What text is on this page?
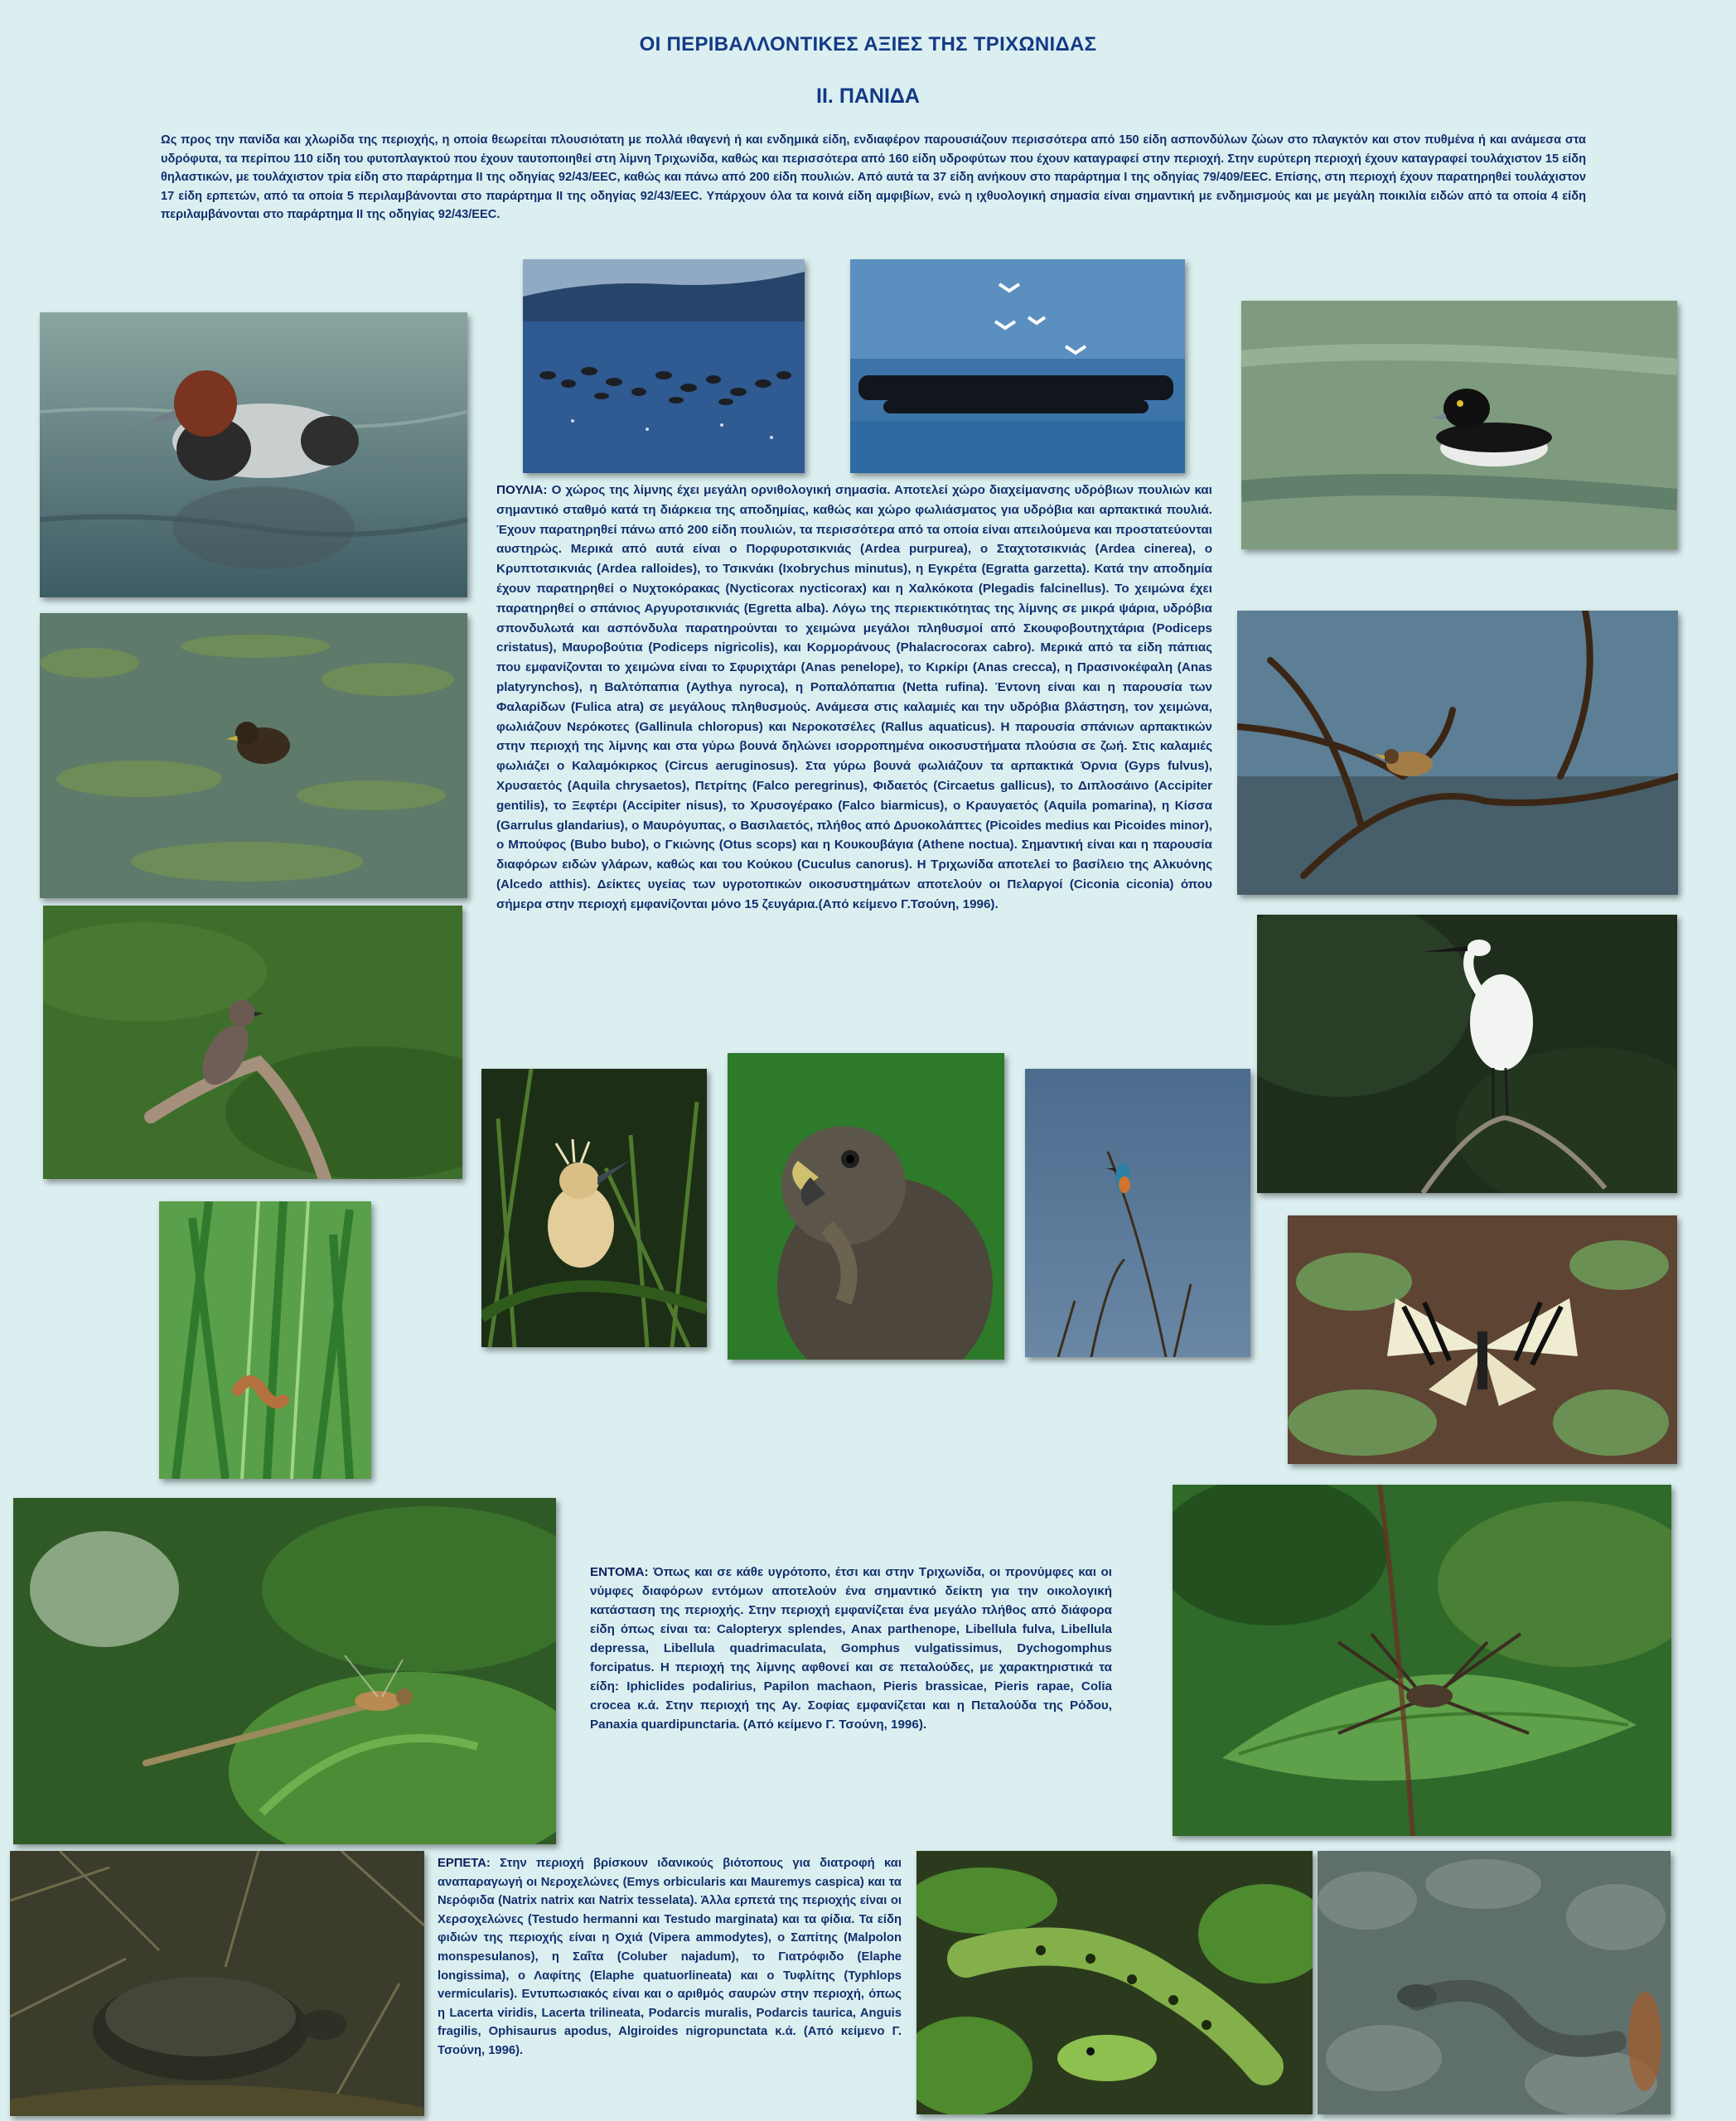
ΟΙ ΠΕΡΙΒΑΛΛΟΝΤΙΚΕΣ ΑΞΙΕΣ ΤΗΣ ΤΡΙΧΩΝΙΔΑΣ
ΙΙ. ΠΑΝΙΔΑ
Ως προς την πανίδα και χλωρίδα της περιοχής, η οποία θεωρείται πλουσιότατη με πολλά ιθαγενή ή και ενδημικά είδη, ενδιαφέρον παρουσιάζουν περισσότερα από 150 είδη ασπονδύλων ζώων στο πλαγκτόν και στον πυθμένα ή και ανάμεσα στα υδρόφυτα, τα περίπου 110 είδη του φυτοπλαγκτού που έχουν ταυτοποιηθεί στη λίμνη Τριχωνίδα, καθώς και περισσότερα από 160 είδη υδροφύτων που έχουν καταγραφεί στην περιοχή. Στην ευρύτερη περιοχή έχουν καταγραφεί τουλάχιστον 15 είδη θηλαστικών, με τουλάχιστον τρία είδη στο παράρτημα ΙΙ της οδηγίας 92/43/EEC, καθώς και πάνω από 200 είδη πουλιών. Από αυτά τα 37 είδη ανήκουν στο παράρτημα Ι της οδηγίας 79/409/EEC. Επίσης, στη περιοχή έχουν παρατηρηθεί τουλάχιστον 17 είδη ερπετών, από τα οποία 5 περιλαμβάνονται στο παράρτημα ΙΙ της οδηγίας 92/43/EEC. Υπάρχουν όλα τα κοινά είδη αμφιβίων, ενώ η ιχθυολογική σημασία είναι σημαντική με ενδημισμούς και με μεγάλη ποικιλία ειδών από τα οποία 4 είδη περιλαμβάνονται στο παράρτημα ΙΙ της οδηγίας 92/43/EEC.
ΠΟΥΛΙΑ: Ο χώρος της λίμνης έχει μεγάλη ορνιθολογική σημασία. Αποτελεί χώρο διαχείμανσης υδρόβιων πουλιών και σημαντικό σταθμό κατά τη διάρκεια της αποδημίας, καθώς και χώρο φωλιάσματος για υδρόβια και αρπακτικά πουλιά. Έχουν παρατηρηθεί πάνω από 200 είδη πουλιών, τα περισσότερα από τα οποία είναι απειλούμενα και προστατεύονται αυστηρώς. Μερικά από αυτά είναι ο Πορφυροτσικνιάς (Ardea purpurea), ο Σταχτοτσικνιάς (Ardea cinerea), ο Κρυπτοτσικνιάς (Ardea ralloides), το Τσικνάκι (Ixobrychus minutus), η Εγκρέτα (Egratta garzetta). Κατά την αποδημία έχουν παρατηρηθεί ο Νυχτοκόρακας (Nycticorax nycticorax) και η Χαλκόκοτα (Plegadis falcinellus). Το χειμώνα έχει παρατηρηθεί ο σπάνιος Αργυροτσικνιάς (Egretta alba). Λόγω της περιεκτικότητας της λίμνης σε μικρά ψάρια, υδρόβια σπονδυλωτά και ασπόνδυλα παρατηρούνται το χειμώνα μεγάλοι πληθυσμοί από Σκουφοβουτηχτάρια (Podiceps cristatus), Μαυροβούτια (Podiceps nigricolis), και Κορμοράνους (Phalacrocorax cabro). Μερικά από τα είδη πάπιας που εμφανίζονται το χειμώνα είναι το Σφυριχτάρι (Anas penelope), το Κιρκίρι (Anas crecca), η Πρασινοκέφαλη (Anas platyrynchos), η Βαλτόπαπια (Aythya nyroca), η Ροπαλόπαπια (Netta rufina). Έντονη είναι και η παρουσία των Φαλαρίδων (Fulica atra) σε μεγάλους πληθυσμούς. Ανάμεσα στις καλαμιές και την υδρόβια βλάστηση, τον χειμώνα, φωλιάζουν Νερόκοτες (Gallinula chloropus) και Νεροκοτσέλες (Rallus aquaticus). Η παρουσία σπάνιων αρπακτικών στην περιοχή της λίμνης και στα γύρω βουνά δηλώνει ισορροπημένα οικοσυστήματα πλούσια σε ζωή. Στις καλαμιές φωλιάζει ο Καλαμόκιρκος (Circus aeruginosus). Στα γύρω βουνά φωλιάζουν τα αρπακτικά Όρνια (Gyps fulvus), Χρυσαετός (Aquila chrysaetos), Πετρίτης (Falco peregrinus), Φιδαετός (Circaetus gallicus), το Διπλοσάινο (Accipiter gentilis), το Ξεφτέρι (Accipiter nisus), το Χρυσογέρακο (Falco biarmicus), ο Κραυγαετός (Aquila pomarina), η Κίσσα (Garrulus glandarius), ο Μαυρόγυπας, ο Βασιλαετός, πλήθος από Δρυοκολάπτες (Picoides medius και Picoides minor), ο Μπούφος (Bubo bubo), ο Γκιώνης (Otus scops) και η Κουκουβάγια (Athene noctua). Σημαντική είναι και η παρουσία διαφόρων ειδών γλάρων, καθώς και του Κούκου (Cuculus canorus). Η Τριχωνίδα αποτελεί το βασίλειο της Αλκυόνης (Alcedo atthis). Δείκτες υγείας των υγροτοπικών οικοσυστημάτων αποτελούν οι Πελαργοί (Ciconia ciconia) όπου σήμερα στην περιοχή εμφανίζονται μόνο 15 ζευγάρια.(Από κείμενο Γ.Τσούνη, 1996).
ΕΝΤΟΜΑ: Όπως και σε κάθε υγρότοπο, έτσι και στην Τριχωνίδα, οι προνύμφες και οι νύμφες διαφόρων εντόμων αποτελούν ένα σημαντικό δείκτη για την οικολογική κατάσταση της περιοχής. Στην περιοχή εμφανίζεται ένα μεγάλο πλήθος από διάφορα είδη όπως είναι τα: Calopteryx splendes, Anax parthenope, Libellula fulva, Libellula depressa, Libellula quadrimaculata, Gomphus vulgatissimus, Dychogomphus forcipatus. Η περιοχή της λίμνης αφθονεί και σε πεταλούδες, με χαρακτηριστικά τα είδη: Iphiclides podalirius, Papilon machaon, Pieris brassicae, Pieris rapae, Colia crocea κ.ά. Στην περιοχή της Αγ. Σοφίας εμφανίζεται και η Πεταλούδα της Ρόδου, Panaxia quardipunctaria. (Από κείμενο Γ. Τσούνη, 1996).
ΕΡΠΕΤΑ: Στην περιοχή βρίσκουν ιδανικούς βιότοπους για διατροφή και αναπαραγωγή οι Νεροχελώνες (Emys orbicularis και Mauremys caspica) και τα Νερόφιδα (Natrix natrix και Natrix tesselata). Άλλα ερπετά της περιοχής είναι οι Χερσοχελώνες (Testudo hermanni και Testudo marginata) και τα φίδια. Τα είδη φιδιών της περιοχής είναι η Οχιά (Vipera ammodytes), ο Σαπίτης (Malpolon monspesulanos), η Σαΐτα (Coluber najadum), το Γιατρόφιδο (Elaphe longissima), ο Λαφίτης (Elaphe quatuorlineata) και ο Τυφλίτης (Typhlops vermicularis). Εντυπωσιακός είναι και ο αριθμός σαυρών στην περιοχή, όπως η Lacerta viridis, Lacerta trilineata, Podarcis muralis, Podarcis taurica, Anguis fragilis, Ophisaurus apodus, Algiroides nigropunctata κ.ά. (Από κείμενο Γ. Τσούνη, 1996).
